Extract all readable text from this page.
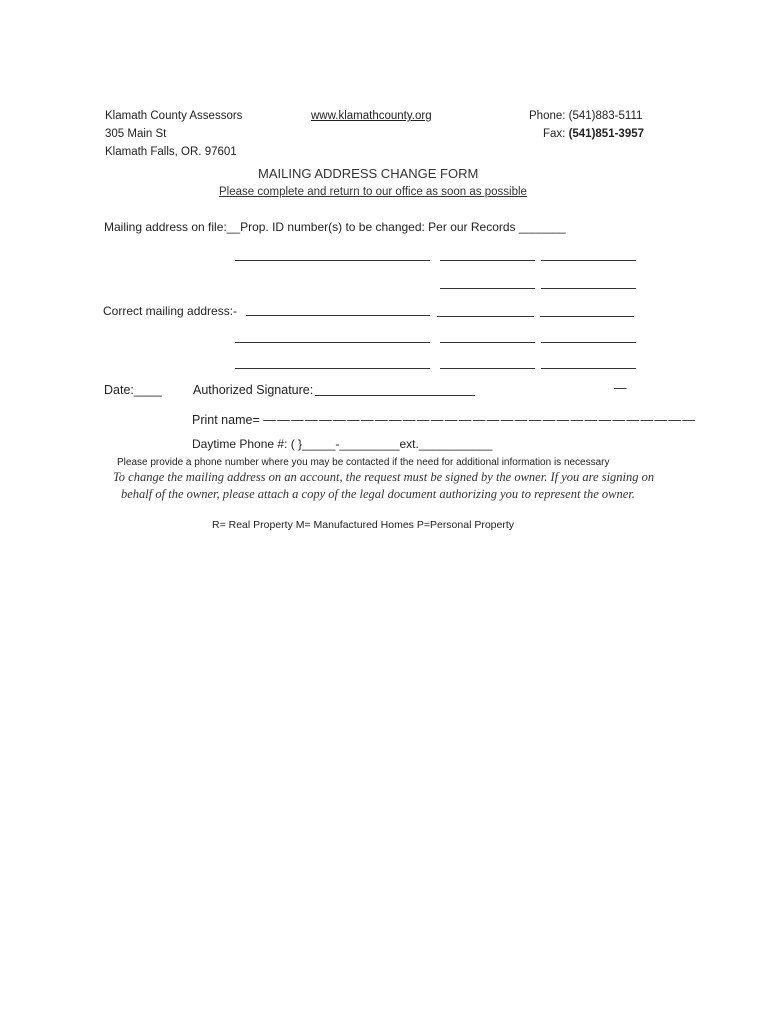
Klamath County Assessors
305 Main St
Klamath Falls, OR. 97601
www.klamathcounty.org	Phone: (541)883-5111
Fax: (541)851-3957
MAILING ADDRESS CHANGE FORM
Please complete and return to our office as soon as possible
Mailing address on file:__Prop. ID number(s) to be changed: Per our Records _______
Correct mailing address:-
Date:____	Authorized Signature:	—
Print name= — — — — — — — — — — — — — — — — — — — — — — — — — — — — — — —
Daytime Phone #: ( }_____-_________ext.___________
Please provide a phone number where you may be contacted if the need for additional information is necessary
To change the mailing address on an account, the request must be signed by the owner. If you are signing on
behalf of the owner, please attach a copy of the legal document authorizing you to represent the owner.
R= Real Property M= Manufactured Homes P=Personal Property
